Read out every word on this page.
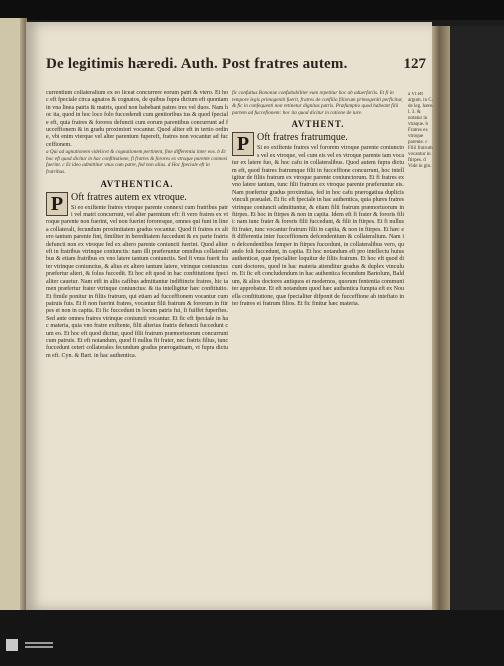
De legitimis hæredi. Auth. Post fratres autem.	127
currentium collateralium ex eo liceat concurrere eorum patri & vtero. Et hoc eft fpeciale circa agnatos & cognatos, de quibus fupra dictum eft quoniam in vna linea patris & matris, quod non habebant patres tres vel duos. Nam hoc ita, quod in hoc loco folo fuccedendi cum genitoribus ius & quod fpeciale eft, quia fratres & forores defuncti cum eorum parentibus concurrunt ad fucceffionem & in gradu proximiori vocantur. Quod aliter eft in tertio ordine, vbi enim vterque vel alter parentum fupereft, fratres non vocantur ad fucceffionem.
a Qui ad agnationem videlicet & cognationem pertinent, fine differentia inter eos. b Et hoc eft quod dicitur in hac conftitutione, fi fratres & forores ex vtroque parente connexi fuerint. c Et ideo admittitur vnus cum patre, fed non alius. d Hoc fpeciale eft in fratribus.
AVTHENTICA.
P Oft fratres autem ex vtroque.
Si eo exiftente fratres vtroque parente connexi cum fratribus patri vel matri concurrunt, vel alter parentum eft: fi vero fratres ex vtroque parente non fuerint, vel non fuerint fororesque, omnes qui funt in linea collaterali, fecundum proximitatem gradus vocantur. Quod fi fratres ex altero tantum parente fint, fimiliter in hereditatem fuccedunt & ex parte fratris defuncti non ex vtroque fed ex altero parente coniuncti fuerint. Quod aliter eft in fratribus vtrinque coniunctis: nam illi præferuntur omnibus collateralibus & etiam fratribus ex vno latere tantum coniunctis. Sed fi vnus fuerit frater vtrinque coniunctus, & alius ex altero tantum latere, vtrinque coniunctus præfertur alteri, & folus fuccedit. Et hoc eft quod in hac conftitutione fpecialiter cauetur. Nam etfi in aliis cafibus admittantur indiftincte fratres, hic tamen præfertur frater vtrinque coniunctus: & ita intelligitur hæc conftitutio. Et fimile ponitur in filiis fratrum, qui etiam ad fucceffionem vocantur cum patruis fuis. Et fi non fuerint fratres, vocantur filii fratrum & fororum in ftirpes et non in capita. Et fic fuccedunt in locum patris fui, fi fuiffet fuperftes. Sed ante omnes fratres vtrinque coniuncti vocantur. Et fic eft fpeciale in hac materia, quia vno fratre exiftente, filii alterius fratris defuncti fuccedunt cum eo. Et hoc eft quod dicitur, quod filii fratrum præmortuorum concurrunt cum patruis. Et eft notandum, quod fi nullus fit frater, nec fratris filius, tunc fuccedunt ceteri collaterales fecundum gradus prærogatiuam, vt fupra dictum eft. Cyn. & Bart. in hac authentica.
fic confultus Bononiæ confultabiliter eum repetitur hoc ab aduerfariis. Et fi in tempore legis primogeniti fuerit, fratres de confilio filiorum primogeniti perficitur, & fic in confequenti non retinetur dignitas patris. Præfumptio quod habeant filii partem ad fuccefionem: hoc ita quod dicitur in ratione de iure.
AVTHENT.
P Oft fratres fratrumque.
Si eo exiftente fratres vel fororem vtroque parente coniunctos vel ex vtroque, vel cum eis vel ex vtroque parente iam vocatur ex latere fuo, & hoc cafu in collateralibus. Quod autem fupra dictum eft, quod fratres fratrumque filii in fucceffione concurrunt, hoc intelligitur de filiis fratrum ex vtroque parente coniunctorum. Et fi fratres ex vno latere tantum, tunc filii fratrum ex vtroque parente præferuntur eis. Nam præfertur gradus proximitas, fed in hoc cafu prærogatiua duplicis vinculi præualet. Et fic eft fpeciale in hac authentica, quia plures fratres vtrinque coniuncti admittuntur, & etiam filii fratrum præmortuorum in ftirpes. Et hoc in ftirpes & non in capita. Idem eft fi frater & fororis filii: nam tunc frater & fororis filii fuccedunt, & filii in ftirpes. Et fi nullus fit frater, tunc vocantur fratrum filii in capita, & non in ftirpes. Et hæc eft differentia inter fucceffionem defcendentium & collateralium. Nam in defcendentibus femper in ftirpes fuccedunt, in collateralibus vero, quando foli fuccedunt, in capita. Et hoc notandum eft pro intellectu huius authenticæ, quæ fpecialiter loquitur de filiis fratrum. Et hoc eft quod dicunt doctores, quod in hac materia attenditur gradus & duplex vinculum. Et fic eft concludendum in hac authentica fecundum Bartolum, Baldum, & alios doctores antiquos et modernos, quorum fententia communiter approbatur. Et eft notandum quod hæc authentica fumpta eft ex Nouella conftitutione, quæ fpecialiter difponit de fucceffione ab inteftato inter fratres et fratrum filios. Et fic finitur hæc materia.
a Vt eft argum. in C. de leg. hære. l. 3. & notatur in vtraque. b Fratres ex vtroque parente. c Filii fratrum vocantur in ftirpes. d Vide in glo.
